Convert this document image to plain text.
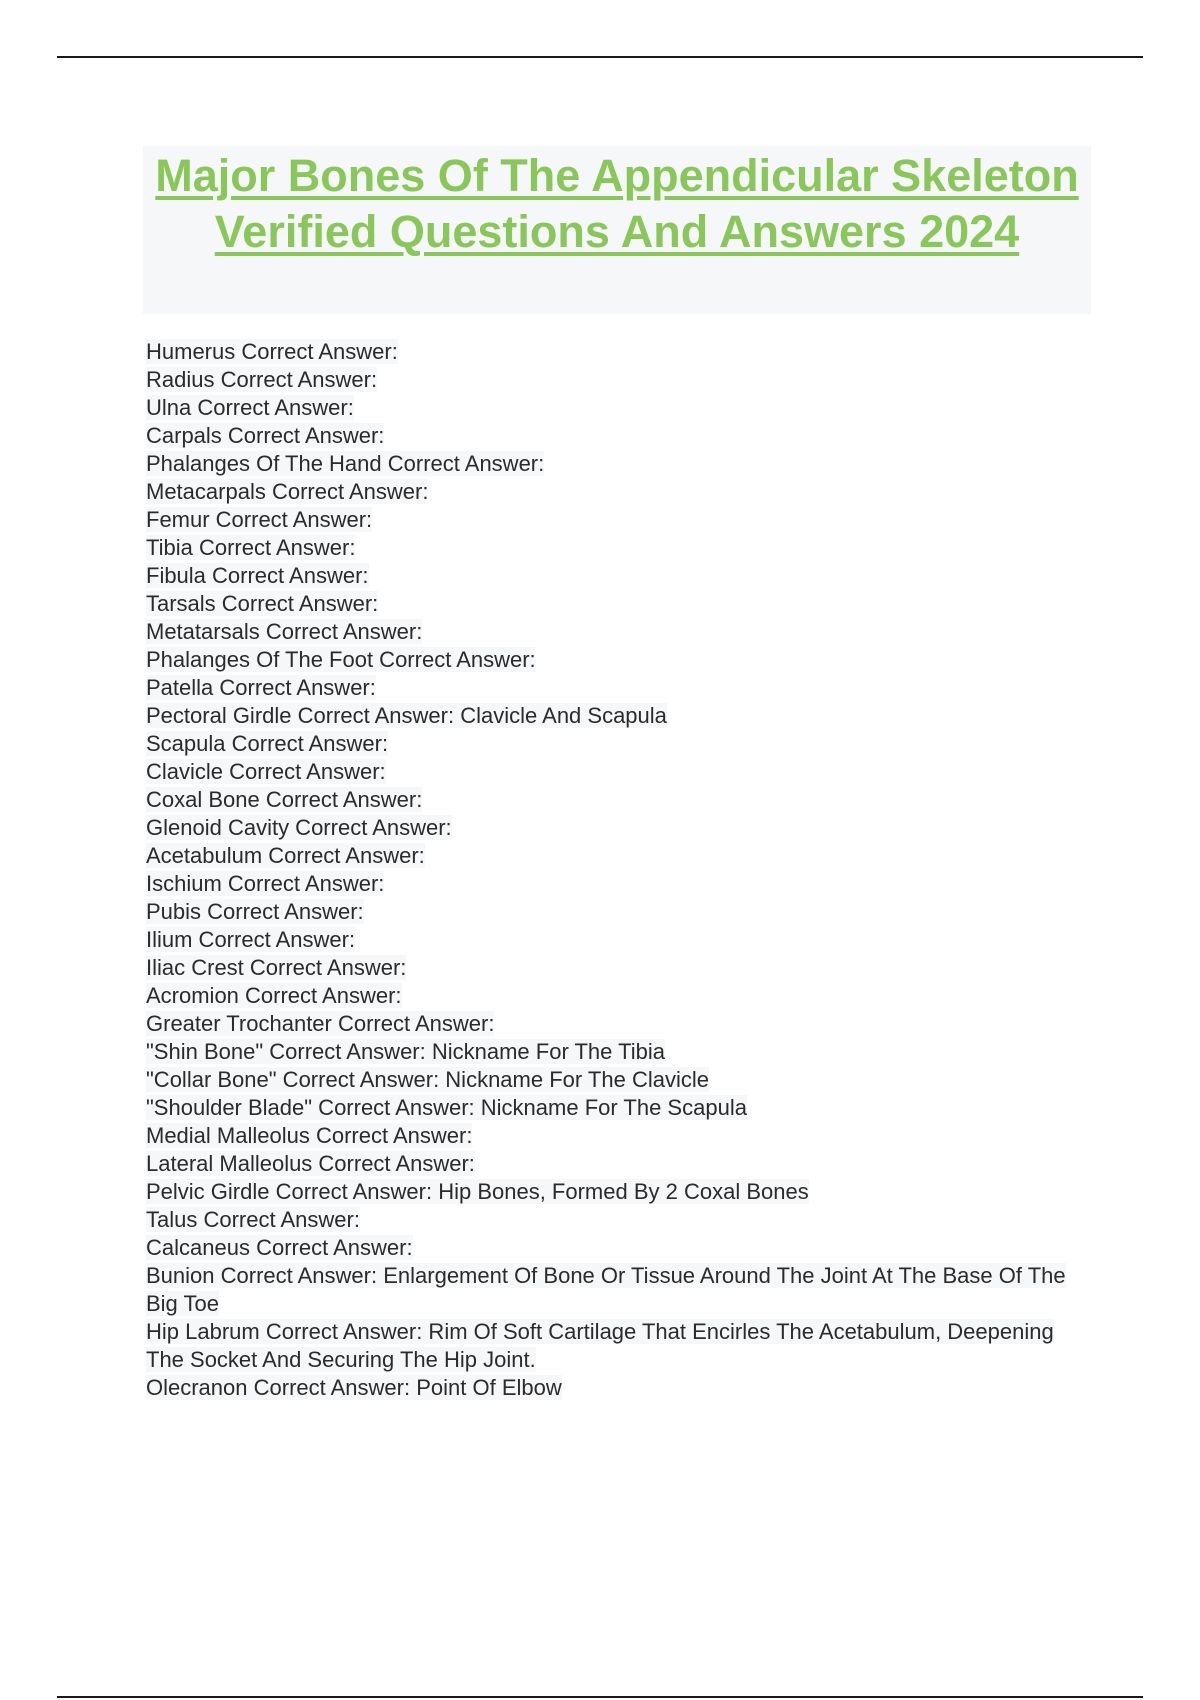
Major Bones Of The Appendicular Skeleton Verified Questions And Answers 2024
Humerus Correct Answer:
Radius Correct Answer:
Ulna Correct Answer:
Carpals Correct Answer:
Phalanges Of The Hand Correct Answer:
Metacarpals Correct Answer:
Femur Correct Answer:
Tibia Correct Answer:
Fibula Correct Answer:
Tarsals Correct Answer:
Metatarsals Correct Answer:
Phalanges Of The Foot Correct Answer:
Patella Correct Answer:
Pectoral Girdle Correct Answer: Clavicle And Scapula
Scapula Correct Answer:
Clavicle Correct Answer:
Coxal Bone Correct Answer:
Glenoid Cavity Correct Answer:
Acetabulum Correct Answer:
Ischium Correct Answer:
Pubis Correct Answer:
Ilium Correct Answer:
Iliac Crest Correct Answer:
Acromion Correct Answer:
Greater Trochanter Correct Answer:
"Shin Bone" Correct Answer: Nickname For The Tibia
"Collar Bone" Correct Answer: Nickname For The Clavicle
"Shoulder Blade" Correct Answer: Nickname For The Scapula
Medial Malleolus Correct Answer:
Lateral Malleolus Correct Answer:
Pelvic Girdle Correct Answer: Hip Bones, Formed By 2 Coxal Bones
Talus Correct Answer:
Calcaneus Correct Answer:
Bunion Correct Answer: Enlargement Of Bone Or Tissue Around The Joint At The Base Of The Big Toe
Hip Labrum Correct Answer: Rim Of Soft Cartilage That Encirles The Acetabulum, Deepening The Socket And Securing The Hip Joint.
Olecranon Correct Answer: Point Of Elbow
